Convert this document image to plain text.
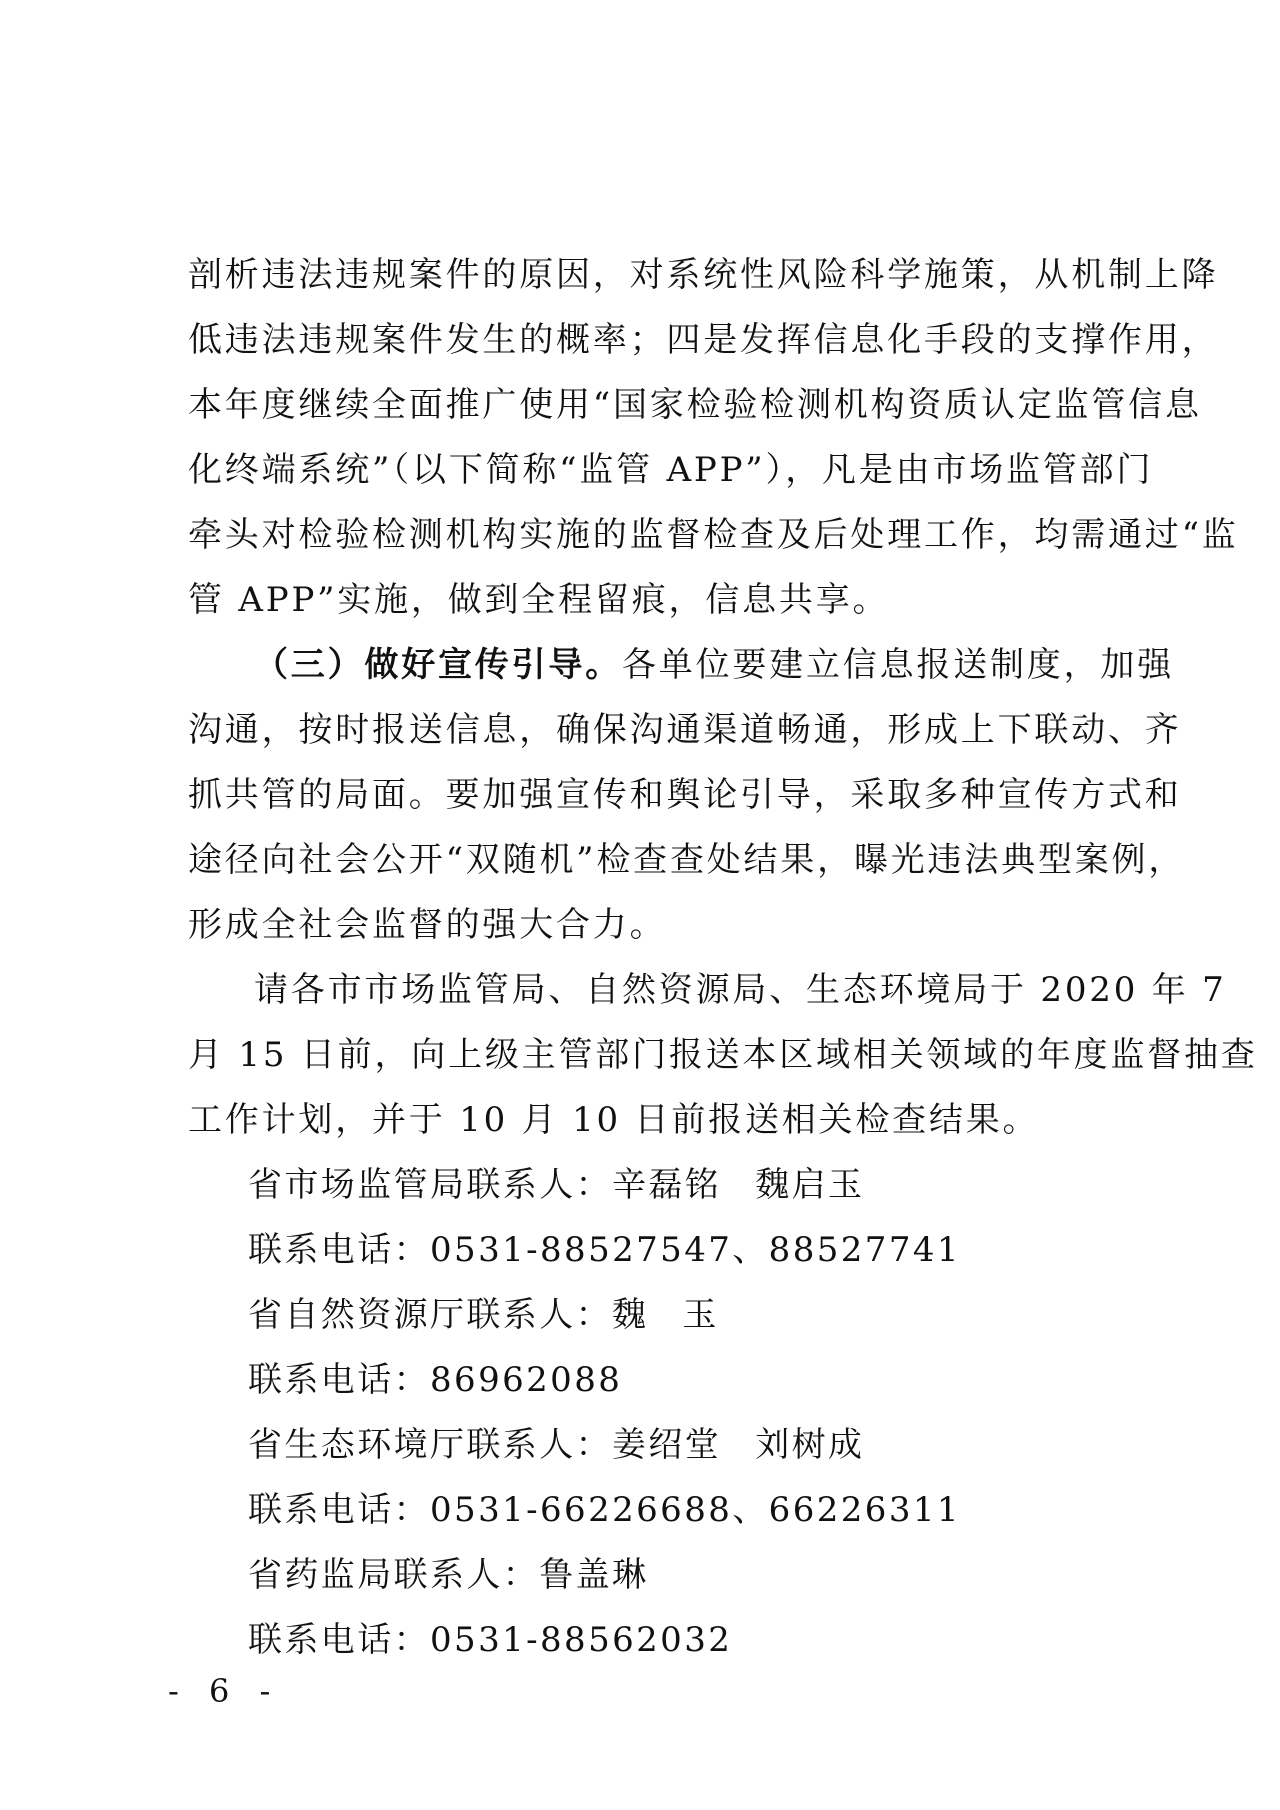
剖析违法违规案件的原因，对系统性风险科学施策，从机制上降
低违法违规案件发生的概率；四是发挥信息化手段的支撑作用，
本年度继续全面推广使用“国家检验检测机构资质认定监管信息
化终端系统”（以下简称“监管 APP”），凡是由市场监管部门
牵头对检验检测机构实施的监督检查及后处理工作，均需通过“监
管 APP”实施，做到全程留痕，信息共享。
（三）做好宣传引导。各单位要建立信息报送制度，加强
沟通，按时报送信息，确保沟通渠道畅通，形成上下联动、齐
抓共管的局面。要加强宣传和舆论引导，采取多种宣传方式和
途径向社会公开“双随机”检查查处结果，曝光违法典型案例，
形成全社会监督的强大合力。
请各市市场监管局、自然资源局、生态环境局于 2020 年 7
月 15 日前，向上级主管部门报送本区域相关领域的年度监督抽查
工作计划，并于 10 月 10 日前报送相关检查结果。
省市场监管局联系人：辛磊铭 魏启玉
联系电话：0531-88527547、88527741
省自然资源厅联系人：魏 玉
联系电话：86962088
省生态环境厅联系人：姜绍堂 刘树成
联系电话：0531-66226688、66226311
省药监局联系人：鲁盖琳
联系电话：0531-88562032
- 6 -
